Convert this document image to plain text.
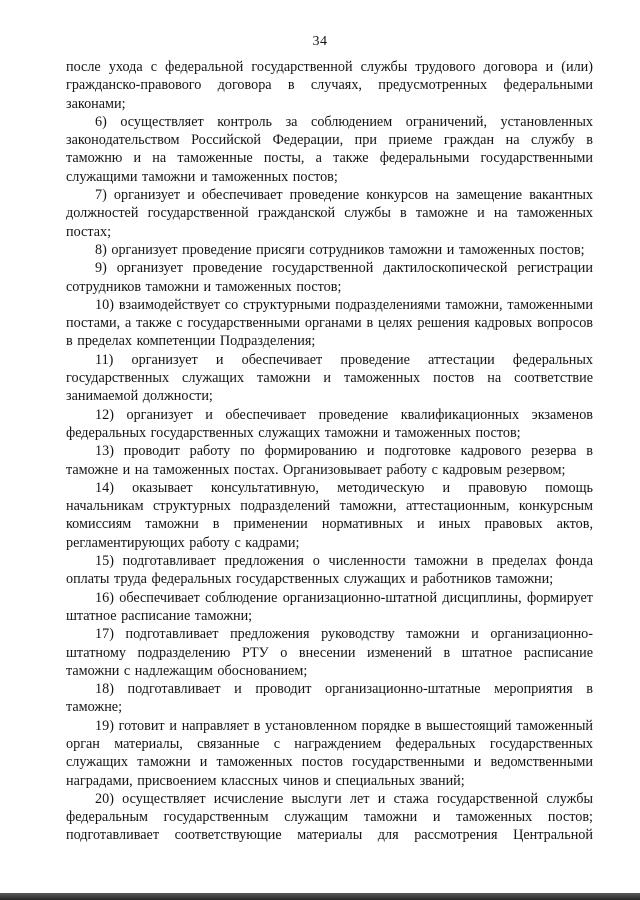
34

после ухода с федеральной государственной службы трудового договора и (или) гражданско-правового договора в случаях, предусмотренных федеральными законами;

6) осуществляет контроль за соблюдением ограничений, установленных законодательством Российской Федерации, при приеме граждан на службу в таможню и на таможенные посты, а также федеральными государственными служащими таможни и таможенных постов;

7) организует и обеспечивает проведение конкурсов на замещение вакантных должностей государственной гражданской службы в таможне и на таможенных постах;

8) организует проведение присяги сотрудников таможни и таможенных постов;

9) организует проведение государственной дактилоскопической регистрации сотрудников таможни и таможенных постов;

10) взаимодействует со структурными подразделениями таможни, таможенными постами, а также с государственными органами в целях решения кадровых вопросов в пределах компетенции Подразделения;

11) организует и обеспечивает проведение аттестации федеральных государственных служащих таможни и таможенных постов на соответствие занимаемой должности;

12) организует и обеспечивает проведение квалификационных экзаменов федеральных государственных служащих таможни и таможенных постов;

13) проводит работу по формированию и подготовке кадрового резерва в таможне и на таможенных постах. Организовывает работу с кадровым резервом;

14) оказывает консультативную, методическую и правовую помощь начальникам структурных подразделений таможни, аттестационным, конкурсным комиссиям таможни в применении нормативных и иных правовых актов, регламентирующих работу с кадрами;

15) подготавливает предложения о численности таможни в пределах фонда оплаты труда федеральных государственных служащих и работников таможни;

16) обеспечивает соблюдение организационно-штатной дисциплины, формирует штатное расписание таможни;

17) подготавливает предложения руководству таможни и организационно-штатному подразделению РТУ о внесении изменений в штатное расписание таможни с надлежащим обоснованием;

18) подготавливает и проводит организационно-штатные мероприятия в таможне;

19) готовит и направляет в установленном порядке в вышестоящий таможенный орган материалы, связанные с награждением федеральных государственных служащих таможни и таможенных постов государственными и ведомственными наградами, присвоением классных чинов и специальных званий;

20) осуществляет исчисление выслуги лет и стажа государственной службы федеральным государственным служащим таможни и таможенных постов; подготавливает соответствующие материалы для рассмотрения Центральной
